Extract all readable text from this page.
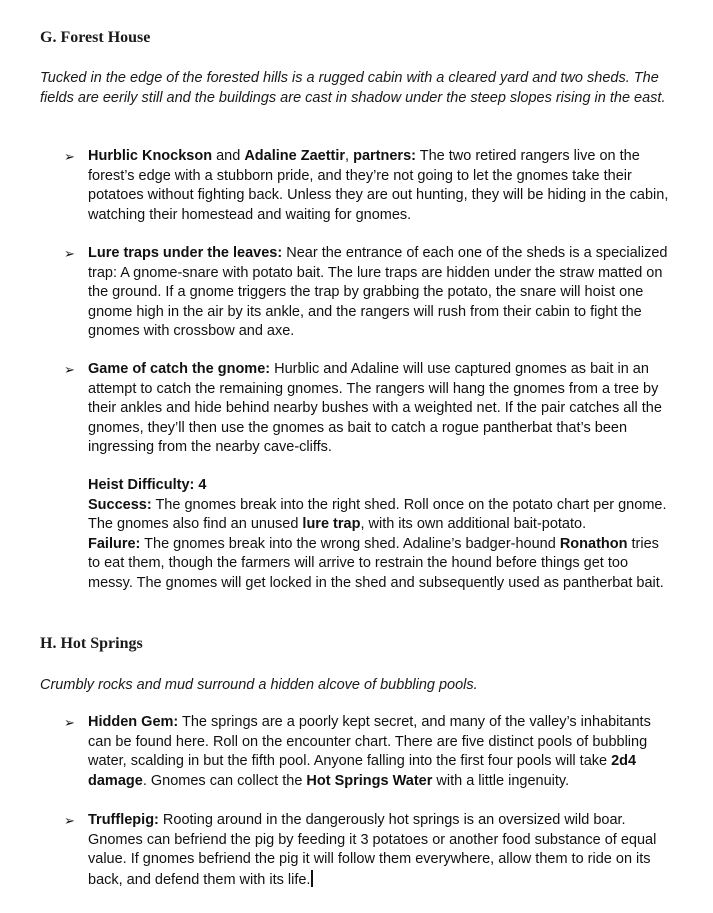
G. Forest House

Tucked in the edge of the forested hills is a rugged cabin with a cleared yard and two sheds. The fields are eerily still and the buildings are cast in shadow under the steep slopes rising in the east.

➢ Hurblic Knockson and Adaline Zaettir, partners: The two retired rangers live on the forest’s edge with a stubborn pride, and they’re not going to let the gnomes take their potatoes without fighting back. Unless they are out hunting, they will be hiding in the cabin, watching their homestead and waiting for gnomes.
➢ Lure traps under the leaves: Near the entrance of each one of the sheds is a specialized trap: A gnome-snare with potato bait. The lure traps are hidden under the straw matted on the ground. If a gnome triggers the trap by grabbing the potato, the snare will hoist one gnome high in the air by its ankle, and the rangers will rush from their cabin to fight the gnomes with crossbow and axe.
➢ Game of catch the gnome: Hurblic and Adaline will use captured gnomes as bait in an attempt to catch the remaining gnomes. The rangers will hang the gnomes from a tree by their ankles and hide behind nearby bushes with a weighted net. If the pair catches all the gnomes, they’ll then use the gnomes as bait to catch a rogue pantherbat that’s been ingressing from the nearby cave-cliffs.
Heist Difficulty: 4
Success: The gnomes break into the right shed. Roll once on the potato chart per gnome. The gnomes also find an unused lure trap, with its own additional bait-potato.
Failure: The gnomes break into the wrong shed. Adaline’s badger-hound Ronathon tries to eat them, though the farmers will arrive to restrain the hound before things get too messy. The gnomes will get locked in the shed and subsequently used as pantherbat bait.
H. Hot Springs

Crumbly rocks and mud surround a hidden alcove of bubbling pools.

➢ Hidden Gem: The springs are a poorly kept secret, and many of the valley’s inhabitants can be found here. Roll on the encounter chart. There are five distinct pools of bubbling water, scalding in but the fifth pool. Anyone falling into the first four pools will take 2d4 damage. Gnomes can collect the Hot Springs Water with a little ingenuity.
➢ Trufflepig: Rooting around in the dangerously hot springs is an oversized wild boar. Gnomes can befriend the pig by feeding it 3 potatoes or another food substance of equal value. If gnomes befriend the pig it will follow them everywhere, allow them to ride on its back, and defend them with its life.
